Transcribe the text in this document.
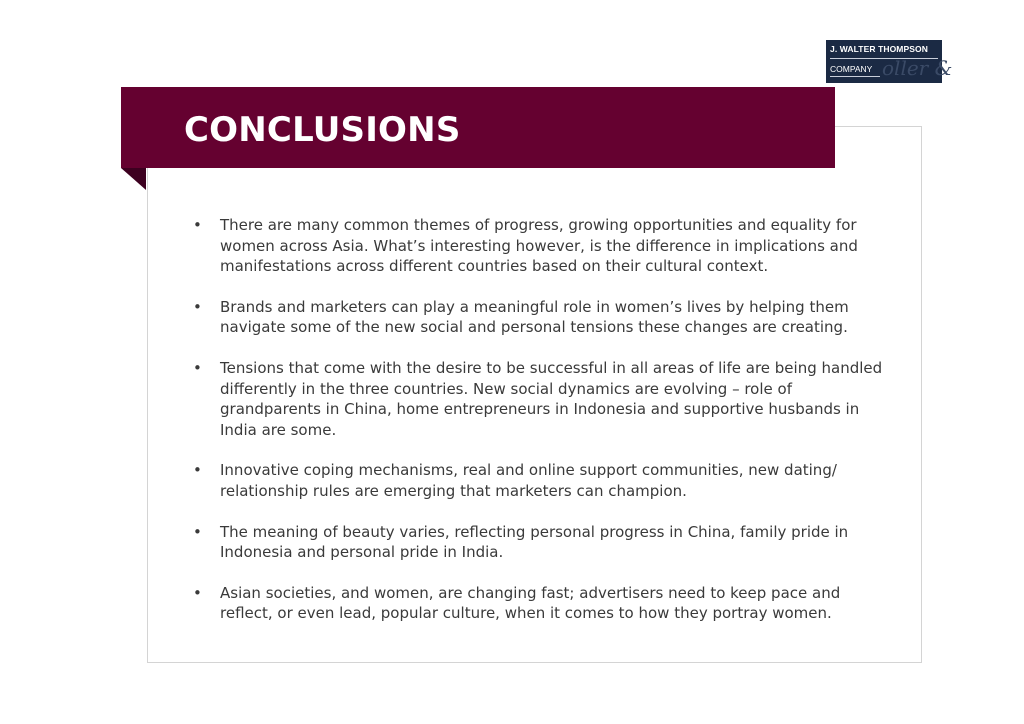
J. WALTER THOMPSON
COMPANY oller &
CONCLUSIONS
• There are many common themes of progress, growing opportunities and equality for women across Asia. What’s interesting however, is the difference in implications and manifestations across different countries based on their cultural context.
• Brands and marketers can play a meaningful role in women’s lives by helping them navigate some of the new social and personal tensions these changes are creating.
• Tensions that come with the desire to be successful in all areas of life are being handled differently in the three countries. New social dynamics are evolving – role of grandparents in China, home entrepreneurs in Indonesia and supportive husbands in India are some.
• Innovative coping mechanisms, real and online support communities, new dating/ relationship rules are emerging that marketers can champion.
• The meaning of beauty varies, reflecting personal progress in China, family pride in Indonesia and personal pride in India.
• Asian societies, and women, are changing fast; advertisers need to keep pace and reflect, or even lead, popular culture, when it comes to how they portray women.
